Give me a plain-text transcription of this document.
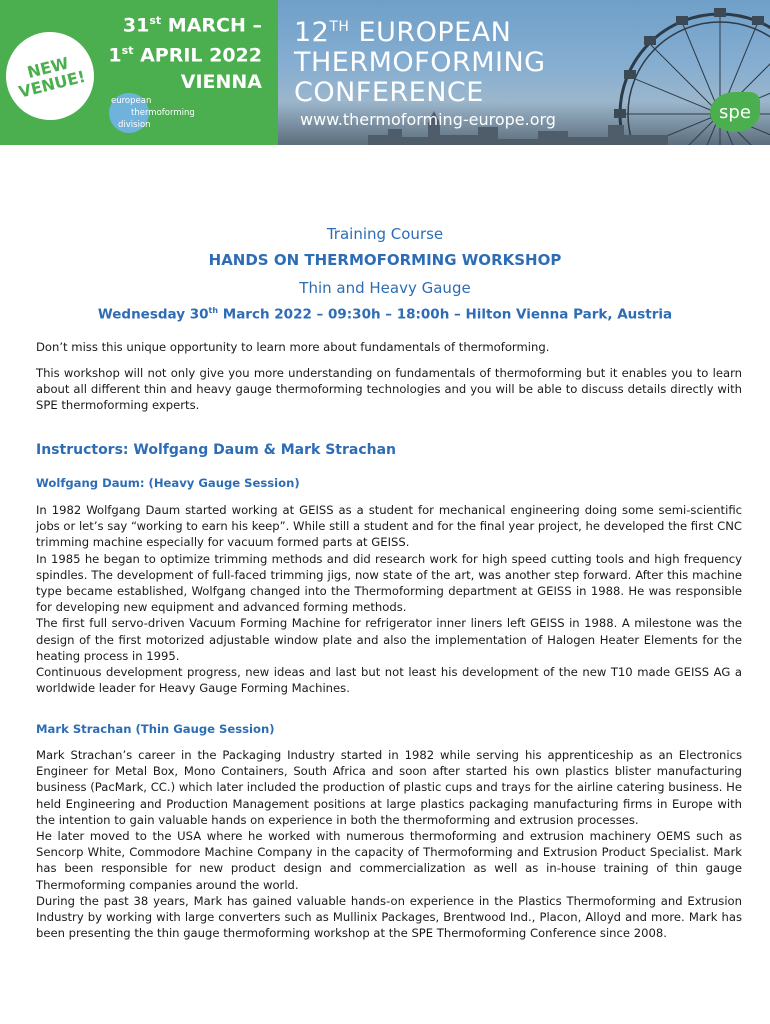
NEW
VENUE!
31st MARCH –
1st APRIL 2022
VIENNA
european
thermoforming
division
12TH EUROPEAN
THERMOFORMING
CONFERENCE
www.thermoforming-europe.org	spe
Training Course
HANDS ON THERMOFORMING WORKSHOP
Thin and Heavy Gauge
Wednesday 30th March 2022 – 09:30h – 18:00h – Hilton Vienna Park, Austria

Don’t miss this unique opportunity to learn more about fundamentals of thermoforming.

This workshop will not only give you more understanding on fundamentals of thermoforming but it enables you to learn about all different thin and heavy gauge thermoforming technologies and you will be able to discuss details directly with SPE thermoforming experts.

Instructors: Wolfgang Daum & Mark Strachan
Wolfgang Daum: (Heavy Gauge Session)

In 1982 Wolfgang Daum started working at GEISS as a student for mechanical engineering doing some semi-scientific jobs or let’s say “working to earn his keep”. While still a student and for the final year project, he developed the first CNC trimming machine especially for vacuum formed parts at GEISS.

In 1985 he began to optimize trimming methods and did research work for high speed cutting tools and high frequency spindles. The development of full-faced trimming jigs, now state of the art, was another step forward. After this machine type became established, Wolfgang changed into the Thermoforming department at GEISS in 1988. He was responsible for developing new equipment and advanced forming methods.

The first full servo-driven Vacuum Forming Machine for refrigerator inner liners left GEISS in 1988. A milestone was the design of the first motorized adjustable window plate and also the implementation of Halogen Heater Elements for the heating process in 1995.

Continuous development progress, new ideas and last but not least his development of the new T10 made GEISS AG a worldwide leader for Heavy Gauge Forming Machines.

Mark Strachan (Thin Gauge Session)

Mark Strachan’s career in the Packaging Industry started in 1982 while serving his apprenticeship as an Electronics Engineer for Metal Box, Mono Containers, South Africa and soon after started his own plastics blister manufacturing business (PacMark, CC.) which later included the production of plastic cups and trays for the airline catering business. He held Engineering and Production Management positions at large plastics packaging manufacturing firms in Europe with the intention to gain valuable hands on experience in both the thermoforming and extrusion processes.

He later moved to the USA where he worked with numerous thermoforming and extrusion machinery OEMS such as Sencorp White, Commodore Machine Company in the capacity of Thermoforming and Extrusion Product Specialist. Mark has been responsible for new product design and commercialization as well as in-house training of thin gauge Thermoforming companies around the world.

During the past 38 years, Mark has gained valuable hands-on experience in the Plastics Thermoforming and Extrusion Industry by working with large converters such as Mullinix Packages, Brentwood Ind., Placon, Alloyd and more. Mark has been presenting the thin gauge thermoforming workshop at the SPE Thermoforming Conference since 2008.
